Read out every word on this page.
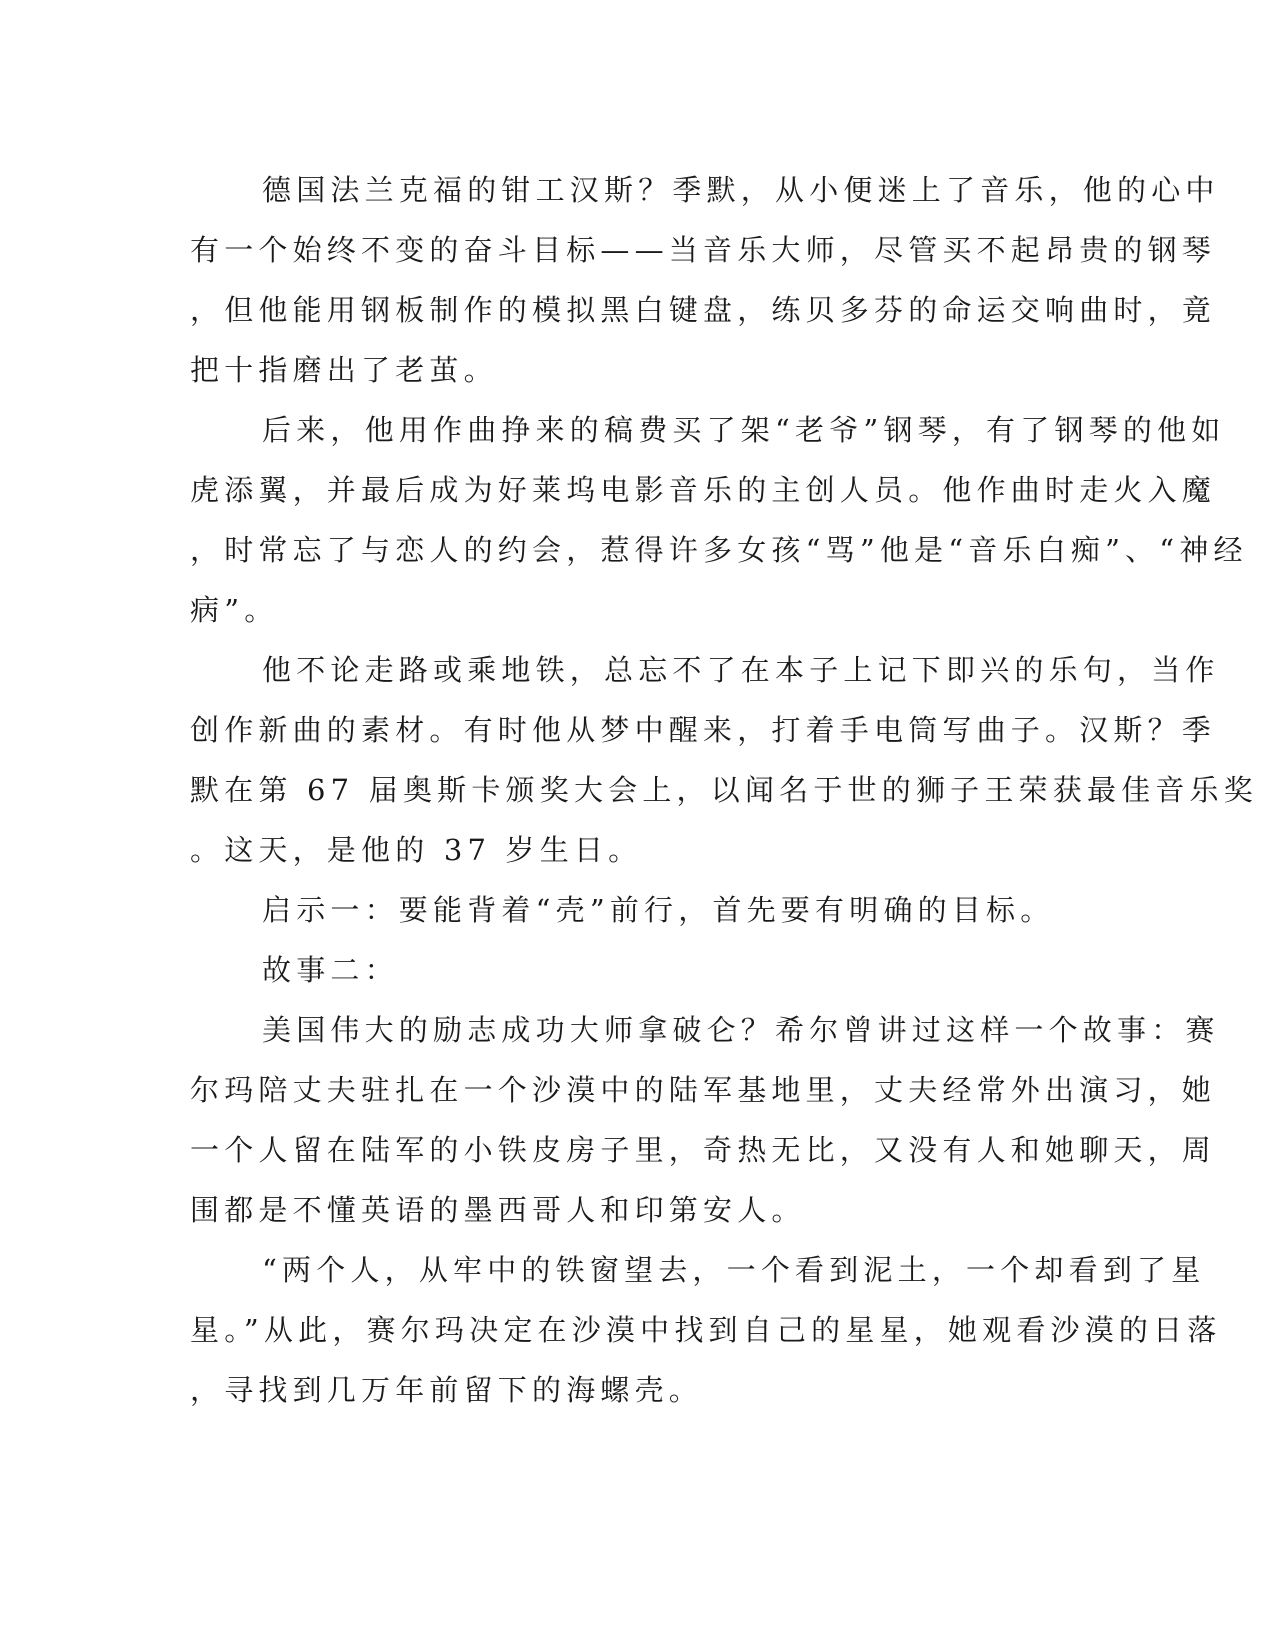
德国法兰克福的钳工汉斯？季默，从小便迷上了音乐，他的心中
有一个始终不变的奋斗目标——当音乐大师，尽管买不起昂贵的钢琴
，但他能用钢板制作的模拟黑白键盘，练贝多芬的命运交响曲时，竟
把十指磨出了老茧。
后来，他用作曲挣来的稿费买了架“老爷”钢琴，有了钢琴的他如
虎添翼，并最后成为好莱坞电影音乐的主创人员。他作曲时走火入魔
，时常忘了与恋人的约会，惹得许多女孩“骂”他是“音乐白痴”、“神经
病”。
他不论走路或乘地铁，总忘不了在本子上记下即兴的乐句，当作
创作新曲的素材。有时他从梦中醒来，打着手电筒写曲子。汉斯？季
默在第 67 届奥斯卡颁奖大会上，以闻名于世的狮子王荣获最佳音乐奖
。这天，是他的 37 岁生日。
启示一：要能背着“壳”前行，首先要有明确的目标。
故事二：
美国伟大的励志成功大师拿破仑？希尔曾讲过这样一个故事：赛
尔玛陪丈夫驻扎在一个沙漠中的陆军基地里，丈夫经常外出演习，她
一个人留在陆军的小铁皮房子里，奇热无比，又没有人和她聊天，周
围都是不懂英语的墨西哥人和印第安人。
“两个人，从牢中的铁窗望去，一个看到泥土，一个却看到了星
星。”从此，赛尔玛决定在沙漠中找到自己的星星，她观看沙漠的日落
，寻找到几万年前留下的海螺壳。
